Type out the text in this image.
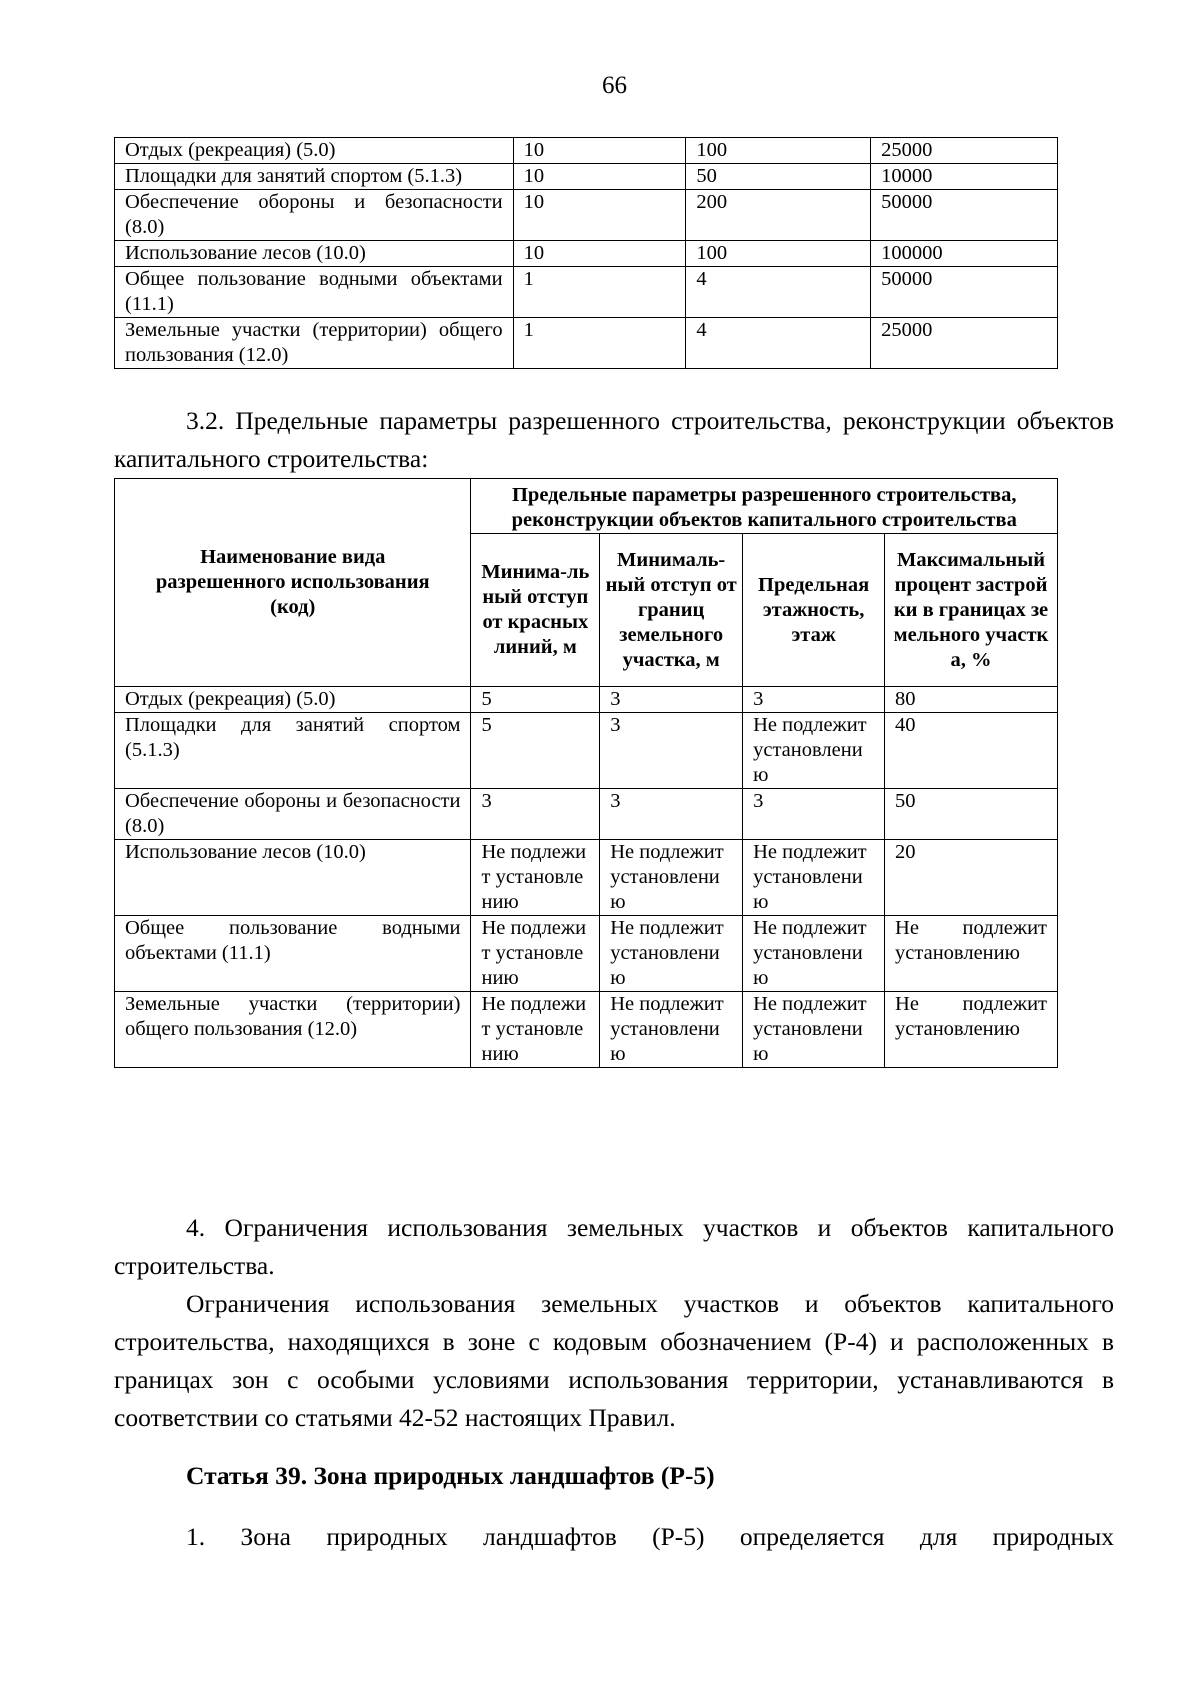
66
Отдых (рекреация) (5.0)	10	100	25000
Площадки для занятий спортом (5.1.3)	10	50	10000
Обеспечение обороны и безопасности (8.0)	10	200	50000
Использование лесов (10.0)	10	100	100000
Общее пользование водными объектами (11.1)	1	4	50000
Земельные участки (территории) общего пользования (12.0)	1	4	25000
3.2. Предельные параметры разрешенного строительства, реконструкции объектов капитального строительства:
Наименование вида разрешенного использования (код)	Предельные параметры разрешенного строительства, реконструкции объектов капитального строительства			
	Минима-льный отступ от красных линий, м	Минималь-ный отступ от границ земельного участка, м	Предельная этажность, этаж	Максимальный процент застройки в границах земельного участка, %
Отдых (рекреация) (5.0)	5	3	3	80
Площадки для занятий спортом (5.1.3)	5	3	Не подлежит установлению	40
Обеспечение обороны и безопасности (8.0)	3	3	3	50
Использование лесов (10.0)	Не подлежит установлению	Не подлежит установлению	Не подлежит установлению	20
Общее пользование водными объектами (11.1)	Не подлежит установлению	Не подлежит установлению	Не подлежит установлению	Не подлежит установлению
Земельные участки (территории) общего пользования (12.0)	Не подлежит установлению	Не подлежит установлению	Не подлежит установлению	Не подлежит установлению
4. Ограничения использования земельных участков и объектов капитального строительства.
Ограничения использования земельных участков и объектов капитального строительства, находящихся в зоне с кодовым обозначением (Р-4) и расположенных в границах зон с особыми условиями использования территории, устанавливаются в соответствии со статьями 42-52 настоящих Правил.
Статья 39. Зона природных ландшафтов (Р-5)
1. Зона природных ландшафтов (Р-5) определяется для природных
